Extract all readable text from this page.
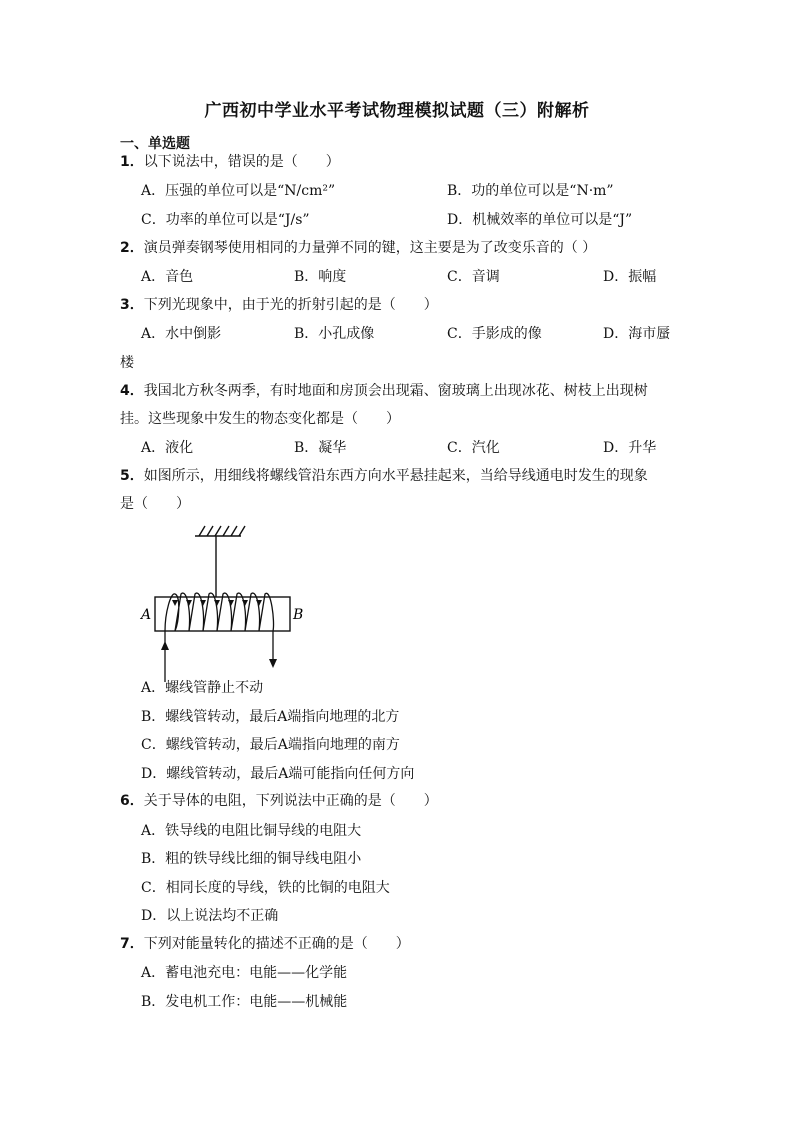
广西初中学业水平考试物理模拟试题（三）附解析
一、单选题
1．以下说法中，错误的是（　　）
A．压强的单位可以是“N/cm²”	B．功的单位可以是“N·m”
C．功率的单位可以是“J/s”	D．机械效率的单位可以是“J”
2．演员弹奏钢琴使用相同的力量弹不同的键，这主要是为了改变乐音的（ ）
A．音色	B．响度	C．音调	D．振幅
3．下列光现象中，由于光的折射引起的是（　　）
A．水中倒影	B．小孔成像	C．手影成的像	D．海市蜃
楼
4．我国北方秋冬两季，有时地面和房顶会出现霜、窗玻璃上出现冰花、树枝上出现树
挂。这些现象中发生的物态变化都是（　　）
A．液化	B．凝华	C．汽化	D．升华
5．如图所示，用细线将螺线管沿东西方向水平悬挂起来，当给导线通电时发生的现象
是（　　）
A	B
A．螺线管静止不动
B．螺线管转动，最后A端指向地理的北方
C．螺线管转动，最后A端指向地理的南方
D．螺线管转动，最后A端可能指向任何方向
6．关于导体的电阻，下列说法中正确的是（　　）
A．铁导线的电阻比铜导线的电阻大
B．粗的铁导线比细的铜导线电阻小
C．相同长度的导线，铁的比铜的电阻大
D．以上说法均不正确
7．下列对能量转化的描述不正确的是（　　）
A．蓄电池充电：电能——化学能
B．发电机工作：电能——机械能
